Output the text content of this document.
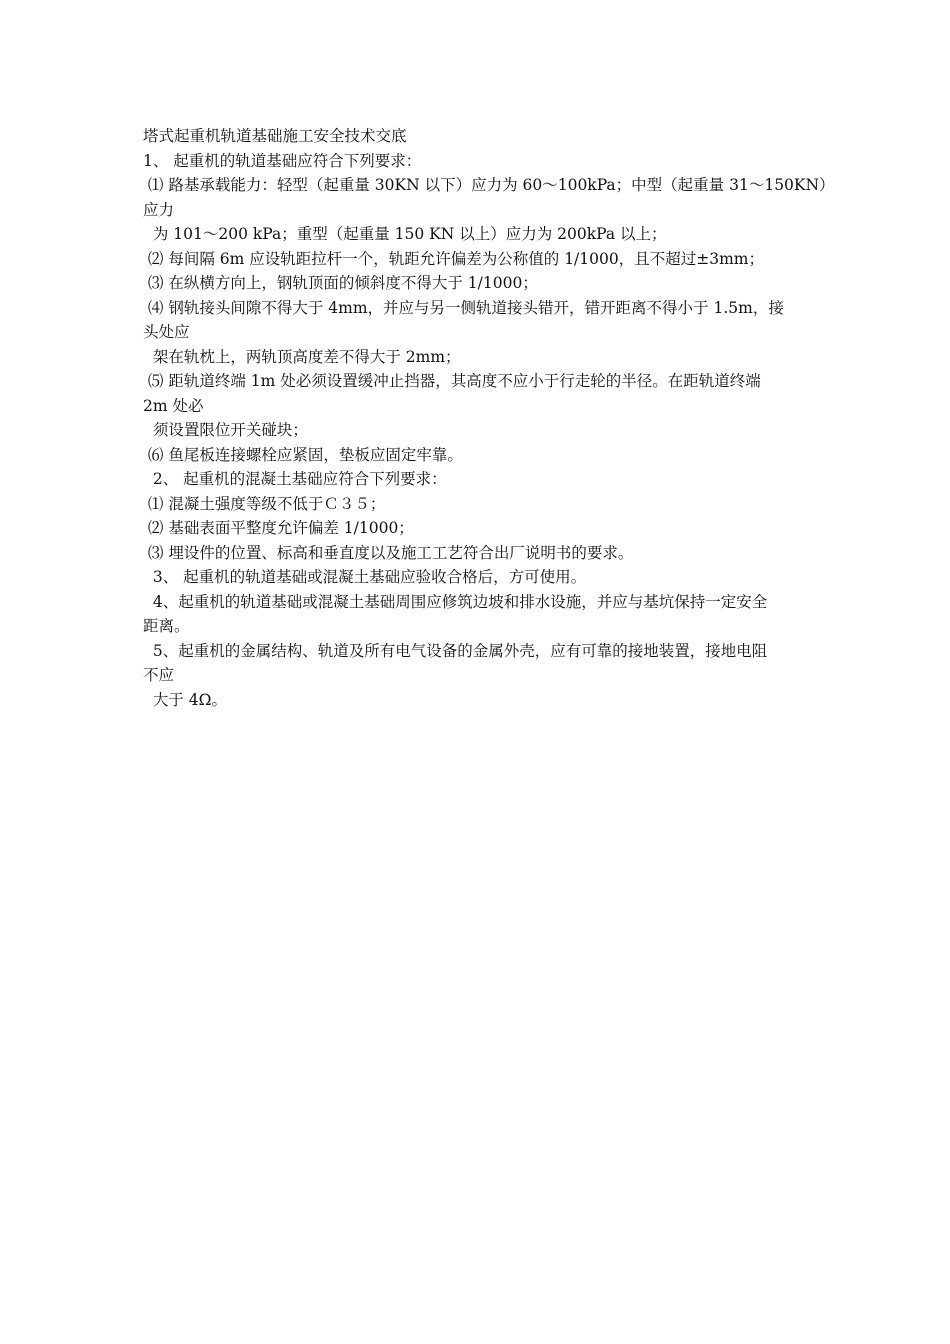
塔式起重机轨道基础施工安全技术交底
1、 起重机的轨道基础应符合下列要求：
⑴ 路基承载能力：轻型（起重量 30KN 以下）应力为 60～100kPa；中型（起重量 31～150KN）
应力
为 101～200 kPa；重型（起重量 150 KN 以上）应力为 200kPa 以上；
⑵ 每间隔 6m 应设轨距拉杆一个，轨距允许偏差为公称值的 1/1000，且不超过±3mm；
⑶ 在纵横方向上，钢轨顶面的倾斜度不得大于 1/1000；
⑷ 钢轨接头间隙不得大于 4mm，并应与另一侧轨道接头错开，错开距离不得小于 1.5m，接
头处应
架在轨枕上，两轨顶高度差不得大于 2mm；
⑸ 距轨道终端 1m 处必须设置缓冲止挡器，其高度不应小于行走轮的半径。在距轨道终端
2m 处必
须设置限位开关碰块；
⑹ 鱼尾板连接螺栓应紧固，垫板应固定牢靠。
2、 起重机的混凝土基础应符合下列要求：
⑴ 混凝土强度等级不低于Ｃ３５；
⑵ 基础表面平整度允许偏差 1/1000；
⑶ 埋设件的位置、标高和垂直度以及施工工艺符合出厂说明书的要求。
3、 起重机的轨道基础或混凝土基础应验收合格后，方可使用。
4、起重机的轨道基础或混凝土基础周围应修筑边坡和排水设施，并应与基坑保持一定安全
距离。
5、起重机的金属结构、轨道及所有电气设备的金属外壳，应有可靠的接地装置，接地电阻
不应
大于 4Ω。
